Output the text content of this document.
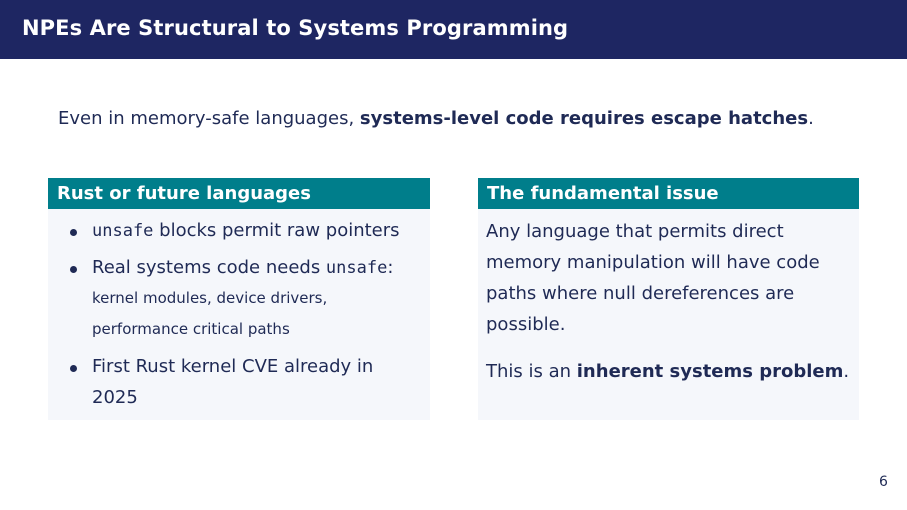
NPEs Are Structural to Systems Programming
Even in memory-safe languages, systems-level code requires escape hatches.
Rust or future languages
unsafe blocks permit raw pointers
Real systems code needs unsafe:
kernel modules, device drivers,
performance critical paths
First Rust kernel CVE already in
2025
The fundamental issue
Any language that permits direct
memory manipulation will have code
paths where null dereferences are
possible.
This is an inherent systems problem.
6
